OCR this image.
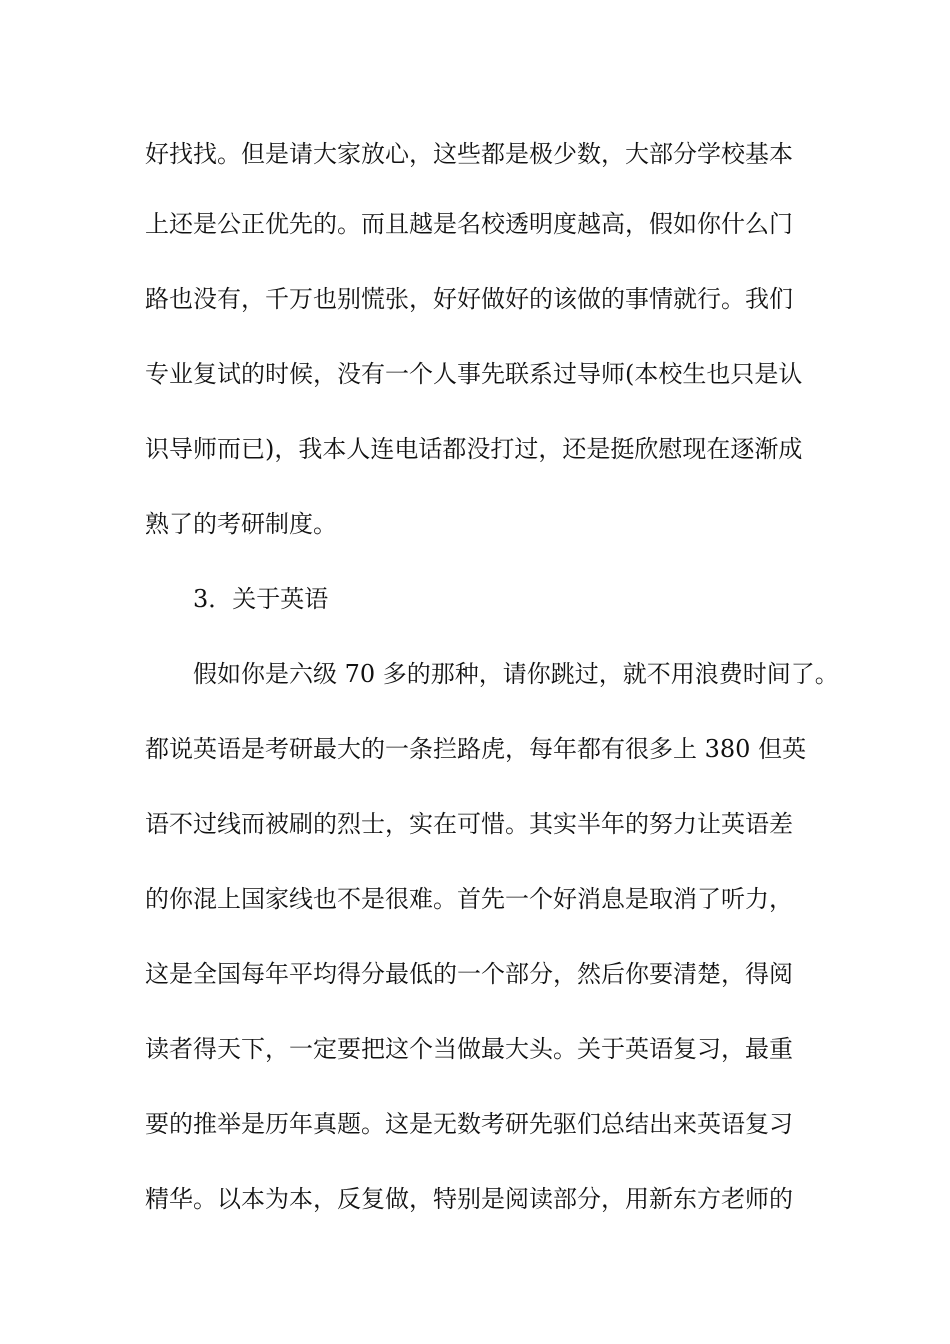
好找找。但是请大家放心，这些都是极少数，大部分学校基本
上还是公正优先的。而且越是名校透明度越高，假如你什么门
路也没有，千万也别慌张，好好做好的该做的事情就行。我们
专业复试的时候，没有一个人事先联系过导师(本校生也只是认
识导师而已)，我本人连电话都没打过，还是挺欣慰现在逐渐成
熟了的考研制度。
3．关于英语
假如你是六级 70 多的那种，请你跳过，就不用浪费时间了。
都说英语是考研最大的一条拦路虎，每年都有很多上 380 但英
语不过线而被刷的烈士，实在可惜。其实半年的努力让英语差
的你混上国家线也不是很难。首先一个好消息是取消了听力，
这是全国每年平均得分最低的一个部分，然后你要清楚，得阅
读者得天下，一定要把这个当做最大头。关于英语复习，最重
要的推举是历年真题。这是无数考研先驱们总结出来英语复习
精华。以本为本，反复做，特别是阅读部分，用新东方老师的
